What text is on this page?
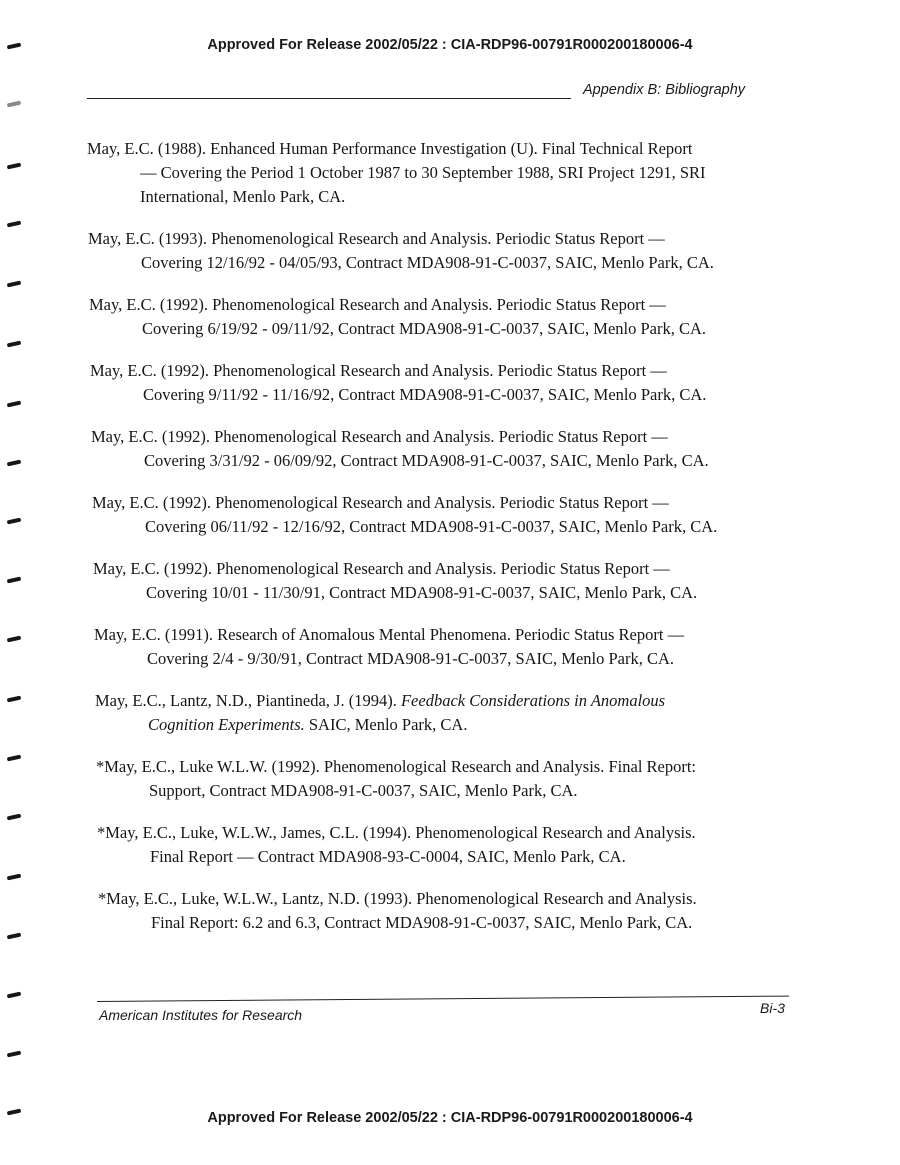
Approved For Release 2002/05/22 : CIA-RDP96-00791R000200180006-4
Appendix B: Bibliography
May, E.C. (1988). Enhanced Human Performance Investigation (U). Final Technical Report
— Covering the Period 1 October 1987 to 30 September 1988, SRI Project 1291, SRI
International, Menlo Park, CA.
May, E.C. (1993). Phenomenological Research and Analysis. Periodic Status Report —
Covering 12/16/92 - 04/05/93, Contract MDA908-91-C-0037, SAIC, Menlo Park, CA.
May, E.C. (1992). Phenomenological Research and Analysis. Periodic Status Report —
Covering 6/19/92 - 09/11/92, Contract MDA908-91-C-0037, SAIC, Menlo Park, CA.
May, E.C. (1992). Phenomenological Research and Analysis. Periodic Status Report —
Covering 9/11/92 - 11/16/92, Contract MDA908-91-C-0037, SAIC, Menlo Park, CA.
May, E.C. (1992). Phenomenological Research and Analysis. Periodic Status Report —
Covering 3/31/92 - 06/09/92, Contract MDA908-91-C-0037, SAIC, Menlo Park, CA.
May, E.C. (1992). Phenomenological Research and Analysis. Periodic Status Report —
Covering 06/11/92 - 12/16/92, Contract MDA908-91-C-0037, SAIC, Menlo Park, CA.
May, E.C. (1992). Phenomenological Research and Analysis. Periodic Status Report —
Covering 10/01 - 11/30/91, Contract MDA908-91-C-0037, SAIC, Menlo Park, CA.
May, E.C. (1991). Research of Anomalous Mental Phenomena. Periodic Status Report —
Covering 2/4 - 9/30/91, Contract MDA908-91-C-0037, SAIC, Menlo Park, CA.
May, E.C., Lantz, N.D., Piantineda, J. (1994). Feedback Considerations in Anomalous
Cognition Experiments. SAIC, Menlo Park, CA.
*May, E.C., Luke W.L.W. (1992). Phenomenological Research and Analysis. Final Report:
Support, Contract MDA908-91-C-0037, SAIC, Menlo Park, CA.
*May, E.C., Luke, W.L.W., James, C.L. (1994). Phenomenological Research and Analysis.
Final Report — Contract MDA908-93-C-0004, SAIC, Menlo Park, CA.
*May, E.C., Luke, W.L.W., Lantz, N.D. (1993). Phenomenological Research and Analysis.
Final Report: 6.2 and 6.3, Contract MDA908-91-C-0037, SAIC, Menlo Park, CA.
American Institutes for Research	Bi-3
Approved For Release 2002/05/22 : CIA-RDP96-00791R000200180006-4
